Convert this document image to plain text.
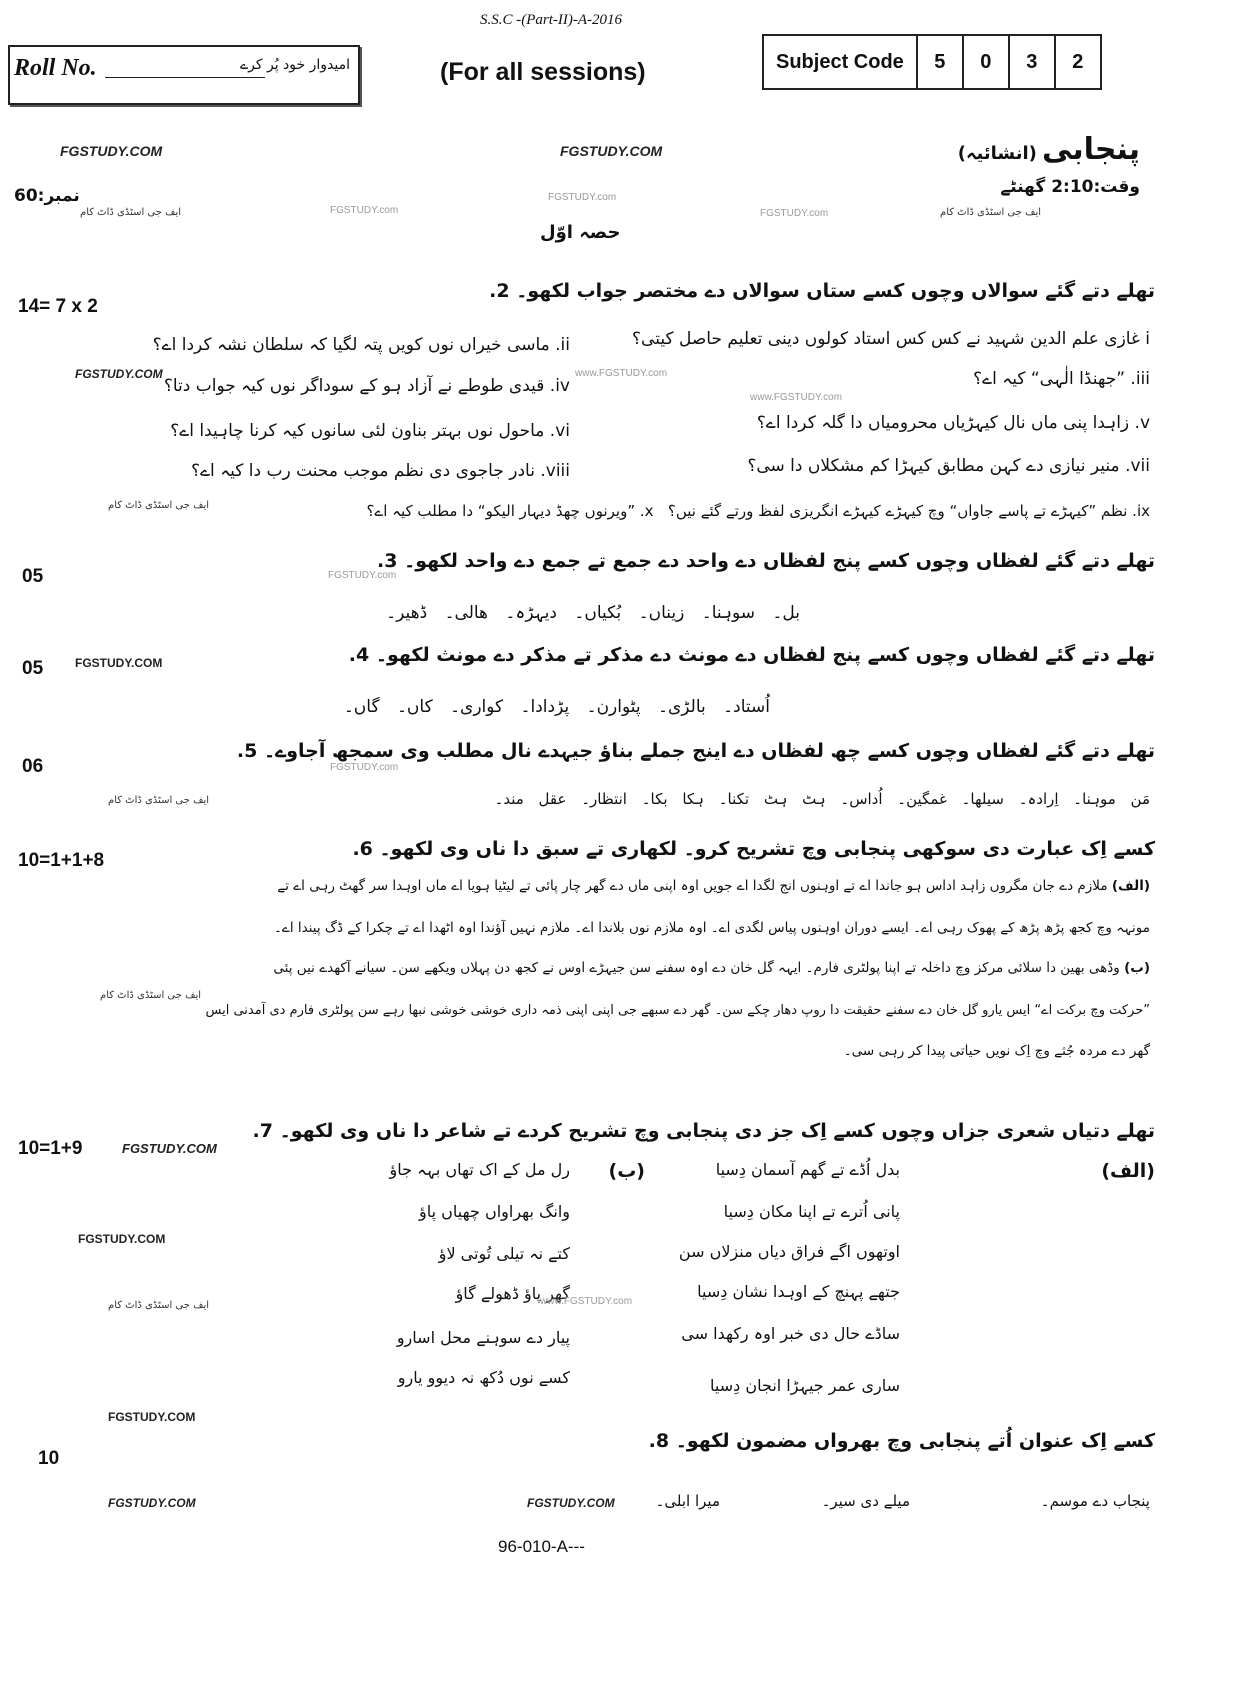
S.S.C -(Part-II)-A-2016
Roll No.	امیدوار خود پُر کرے	(For all sessions)	Subject Code	5	0	3	2
FGSTUDY.COM	FGSTUDY.COM	پنجابی (انشائیہ)
وقت:2:10 گھنٹے
نمبر:60
ایف جی اسٹڈی ڈاٹ کام	FGSTUDY.com
FGSTUDY.com
FGSTUDY.com	ایف جی اسٹڈی ڈاٹ کام
حصہ اوّل
تھلے دتے گئے سوالاں وچوں کسے ستاں سوالاں دے مختصر جواب لکھو۔ 2.
14= 7 x 2
i غازی علم الدین شہید نے کس کس استاد کولوں دینی تعلیم حاصل کیتی؟
ii. ماسی خیراں نوں کویں پتہ لگیا کہ سلطان نشہ کردا اے؟
FGSTUDY.COM	iii. ”جھنڈا الٰہی“ کیہ اے؟
iv. قیدی طوطے نے آزاد ہو کے سوداگر نوں کیہ جواب دتا؟
www.FGSTUDY.com
www.FGSTUDY.com
v. زاہدا پنی ماں نال کیہڑیاں محرومیاں دا گلہ کردا اے؟
vi. ماحول نوں بہتر بناون لئی سانوں کیہ کرنا چاہیدا اے؟
vii. منیر نیازی دے کہن مطابق کیہڑا کم مشکلاں دا سی؟
viii. نادر جاجوی دی نظم موجب محنت رب دا کیہ اے؟
ایف جی اسٹڈی ڈاٹ کام	ix. نظم ”کیہڑے تے پاسے جاواں“ وچ کیہڑے کیہڑے انگریزی لفظ ورتے گئے نیں؟   x. ”ویرنوں چھڈ دیہار الیکو“ دا مطلب کیہ اے؟
تھلے دتے گئے لفظاں وچوں کسے پنج لفظاں دے واحد دے جمع تے جمع دے واحد لکھو۔ 3.
05	FGSTUDY.com
بل۔ سوہنا۔ زیناں۔ بُکیاں۔ دیہڑہ۔ ھالی۔ ڈھیر۔
تھلے دتے گئے لفظاں وچوں کسے پنج لفظاں دے مونث دے مذکر تے مذکر دے مونث لکھو۔ 4.
05	FGSTUDY.COM
اُستاد۔ بالڑی۔ پٹوارن۔ پڑدادا۔ کواری۔ کاں۔ گاں۔
تھلے دتے گئے لفظاں وچوں کسے چھ لفظاں دے اینج جملے بناؤ جیہدے نال مطلب وی سمجھ آجاوے۔ 5.
06	FGSTUDY.com
ایف جی اسٹڈی ڈاٹ کام	مَن موہنا۔ اِرادہ۔ سیلھا۔ غمگین۔ اُداس۔ ہٹ ہٹ تکنا۔ ہکا بکا۔ انتظار۔ عقل مند۔
کسے اِک عبارت دی سوکھی پنجابی وچ تشریح کرو۔ لکھاری تے سبق دا ناں وی لکھو۔ 6.
10=1+1+8
(الف) ملازم دے جان مگروں زاہد اداس ہو جاندا اے تے اوہنوں انج لگدا اے جویں اوہ اپنی ماں دے گھر چار پائی تے لیٹیا ہویا اے ماں اوہدا سر گھٹ رہی اے تے
مونہہ وچ کجھ پڑھ پڑھ کے پھوک رہی اے۔ ایسے دوران اوہنوں پیاس لگدی اے۔ اوہ ملازم نوں بلاندا اے۔ ملازم نہیں آؤندا اوہ اٹھدا اے تے چکرا کے ڈگ پیندا اے۔
(ب) وڈھی بھین دا سلائی مرکز وچ داخلہ تے اپنا پولٹری فارم۔ ایہہ گل خان دے اوہ سفنے سن جیہڑے اوس نے کجھ دن پہلاں ویکھے سن۔ سیانے آکھدے نیں پئی
ایف جی اسٹڈی ڈاٹ کام
”حرکت وچ برکت اے“ ایس یارو گل خان دے سفنے حقیقت دا روپ دھار چکے سن۔ گھر دے سبھے جی اپنی اپنی ذمہ داری خوشی خوشی نبھا رہے سن پولٹری فارم دی آمدنی ایس
گھر دے مردہ جُثے وچ اِک نویں حیاتی پیدا کر رہی سی۔
تھلے دتیاں شعری جزاں وچوں کسے اِک جز دی پنجابی وچ تشریح کردے تے شاعر دا ناں وی لکھو۔ 7.
10=1+9	FGSTUDY.COM
(الف)
بدل اُڈے تے گھم آسمان دِسیا
پانی اُترے تے اپنا مکان دِسیا
اوتھوں اگے فراق دیاں منزلاں سن
جتھے پہنچ کے اوہدا نشان دِسیا
ساڈے حال دی خبر اوہ رکھدا سی
ساری عمر جیہڑا انجان دِسیا
(ب)
رل مل کے اک تھاں بہہ جاؤ
وانگ بھراواں چھیاں پاؤ
کتے نہ تیلی تُوتی لاؤ
گھر پاؤ ڈھولے گاؤ
پیار دے سوہنے محل اسارو
کسے نوں دُکھ نہ دیوو یارو
FGSTUDY.COM
ایف جی اسٹڈی ڈاٹ کام	www.FGSTUDY.com
FGSTUDY.COM
کسے اِک عنوان اُتے پنجابی وچ بھرواں مضمون لکھو۔ 8.
10
FGSTUDY.COM	FGSTUDY.COM	پنجاب دے موسم۔
میلے دی سیر۔
میرا ابلی۔
96-010-A---
